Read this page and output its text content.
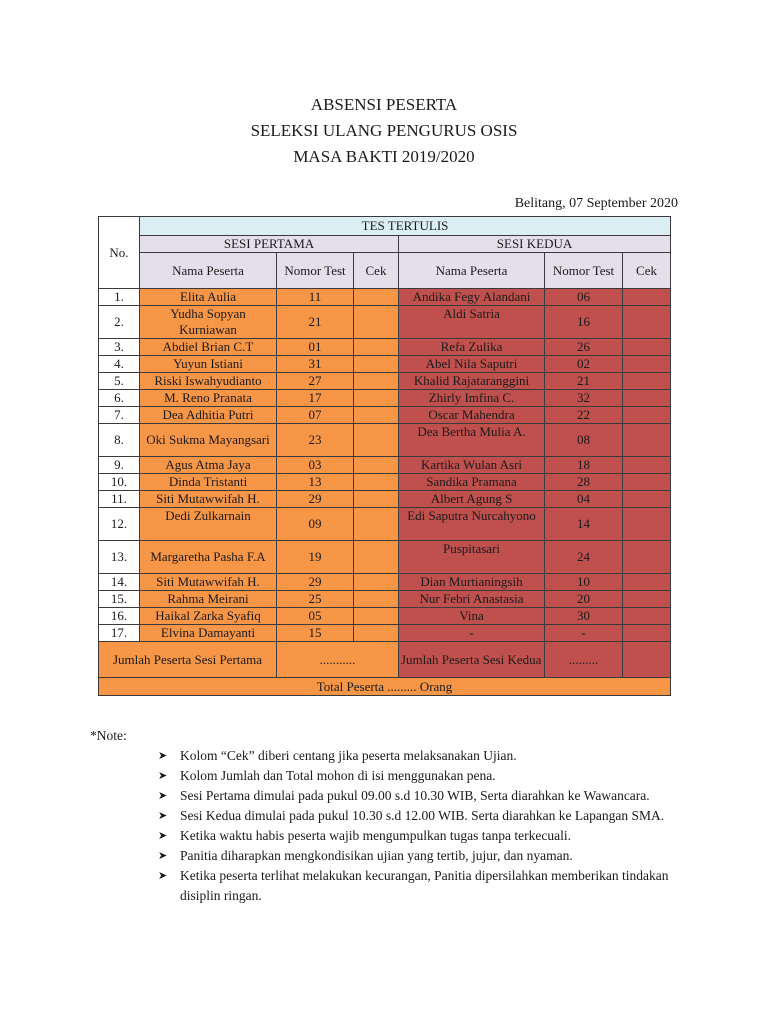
ABSENSI PESERTA
SELEKSI ULANG PENGURUS OSIS
MASA BAKTI 2019/2020
Belitang, 07 September 2020
No.	TES TERTULIS					
	SESI PERTAMA			SESI KEDUA		
	Nama Peserta	Nomor Test	Cek	Nama Peserta	Nomor Test	Cek
1.	Elita Aulia	11		Andika Fegy Alandani	06	
2.	Yudha Sopyan Kurniawan	21		Aldi Satria	16	
3.	Abdiel Brian C.T	01		Refa Zulika	26	
4.	Yuyun Istiani	31		Abel Nila Saputri	02	
5.	Riski Iswahyudianto	27		Khalid Rajataranggini	21	
6.	M. Reno Pranata	17		Zhirly Imfina C.	32	
7.	Dea Adhitia Putri	07		Oscar Mahendra	22	
8.	Oki Sukma Mayangsari	23		Dea Bertha Mulia A.	08	
9.	Agus Atma Jaya	03		Kartika Wulan Asri	18	
10.	Dinda Tristanti	13		Sandika Pramana	28	
11.	Siti Mutawwifah H.	29		Albert Agung S	04	
12.	Dedi Zulkarnain	09		Edi Saputra Nurcahyono	14	
13.	Margaretha Pasha F.A	19		Puspitasari	24	
14.	Siti Mutawwifah H.	29		Dian Murtianingsih	10	
15.	Rahma Meirani	25		Nur Febri Anastasia	20	
16.	Haikal Zarka Syafiq	05		Vina	30	
17.	Elvina Damayanti	15		-	-	
Jumlah Peserta Sesi Pertama		...........		Jumlah Peserta Sesi Kedua	.........	
Total Peserta ......... Orang						
*Note:
➤ Kolom “Cek” diberi centang jika peserta melaksanakan Ujian.
➤ Kolom Jumlah dan Total mohon di isi menggunakan pena.
➤ Sesi Pertama dimulai pada pukul 09.00 s.d 10.30 WIB, Serta diarahkan ke Wawancara.
➤ Sesi Kedua dimulai pada pukul 10.30 s.d 12.00 WIB. Serta diarahkan ke Lapangan SMA.
➤ Ketika waktu habis peserta wajib mengumpulkan tugas tanpa terkecuali.
➤ Panitia diharapkan mengkondisikan ujian yang tertib, jujur, dan nyaman.
➤ Ketika peserta terlihat melakukan kecurangan, Panitia dipersilahkan memberikan tindakan disiplin ringan.
